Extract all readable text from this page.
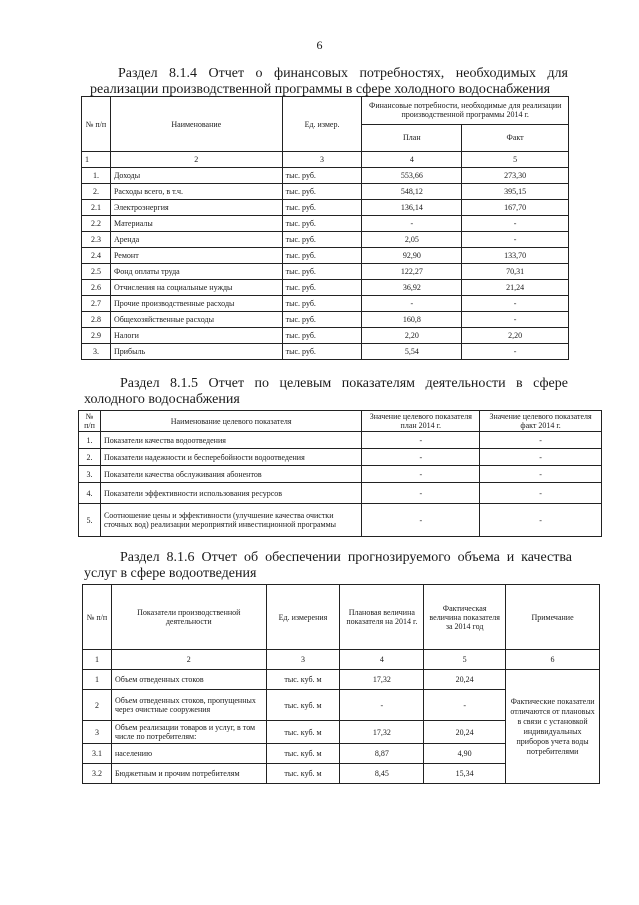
6
Раздел 8.1.4 Отчет о финансовых потребностях, необходимых для
реализации производственной программы в сфере холодного водоснабжения
№ п/п	Наименование	Ед. измер.	Финансовые потребности, необходимые для реализации производственной программы 2014 г.	
			План	Факт
1	2	3	4	5
1.	Доходы	тыс. руб.	553,66	273,30
2.	Расходы всего, в т.ч.	тыс. руб.	548,12	395,15
2.1	Электроэнергия	тыс. руб.	136,14	167,70
2.2	Материалы	тыс. руб.	-	-
2.3	Аренда	тыс. руб.	2,05	-
2.4	Ремонт	тыс. руб.	92,90	133,70
2.5	Фонд оплаты труда	тыс. руб.	122,27	70,31
2.6	Отчисления на социальные нужды	тыс. руб.	36,92	21,24
2.7	Прочие производственные расходы	тыс. руб.	-	-
2.8	Общехозяйственные расходы	тыс. руб.	160,8	-
2.9	Налоги	тыс. руб.	2,20	2,20
3.	Прибыль	тыс. руб.	5,54	-
Раздел 8.1.5 Отчет по целевым показателям деятельности в сфере
холодного водоснабжения
№ п/п	Наименование целевого показателя	Значение целевого показателя план 2014 г.	Значение целевого показателя факт 2014 г.
1.	Показатели качества водоотведения	-	-
2.	Показатели надежности и бесперебойности водоотведения	-	-
3.	Показатели качества обслуживания абонентов	-	-
4.	Показатели эффективности использования ресурсов	-	-
5.	Соотношение цены и эффективности (улучшение качества очистки сточных вод) реализации мероприятий инвестиционной программы	-	-
Раздел 8.1.6 Отчет об обеспечении прогнозируемого объема и качества
услуг в сфере водоотведения
№ п/п	Показатели производственной деятельности	Ед. измерения	Плановая величина показателя на 2014 г.	Фактическая величина показателя за 2014 год	Примечание
1	2	3	4	5	6
1	Объем отведенных стоков	тыс. куб. м	17,32	20,24	Фактические показатели отличаются от плановых в связи с установкой индивидуальных приборов учета воды потребителями
2	Объем отведенных стоков, пропущенных через очистные сооружения	тыс. куб. м	-	-	
3	Объем реализации товаров и услуг, в том числе по потребителям:	тыс. куб. м	17,32	20,24	
3.1	населению	тыс. куб. м	8,87	4,90	
3.2	Бюджетным и прочим потребителям	тыс. куб. м	8,45	15,34	
